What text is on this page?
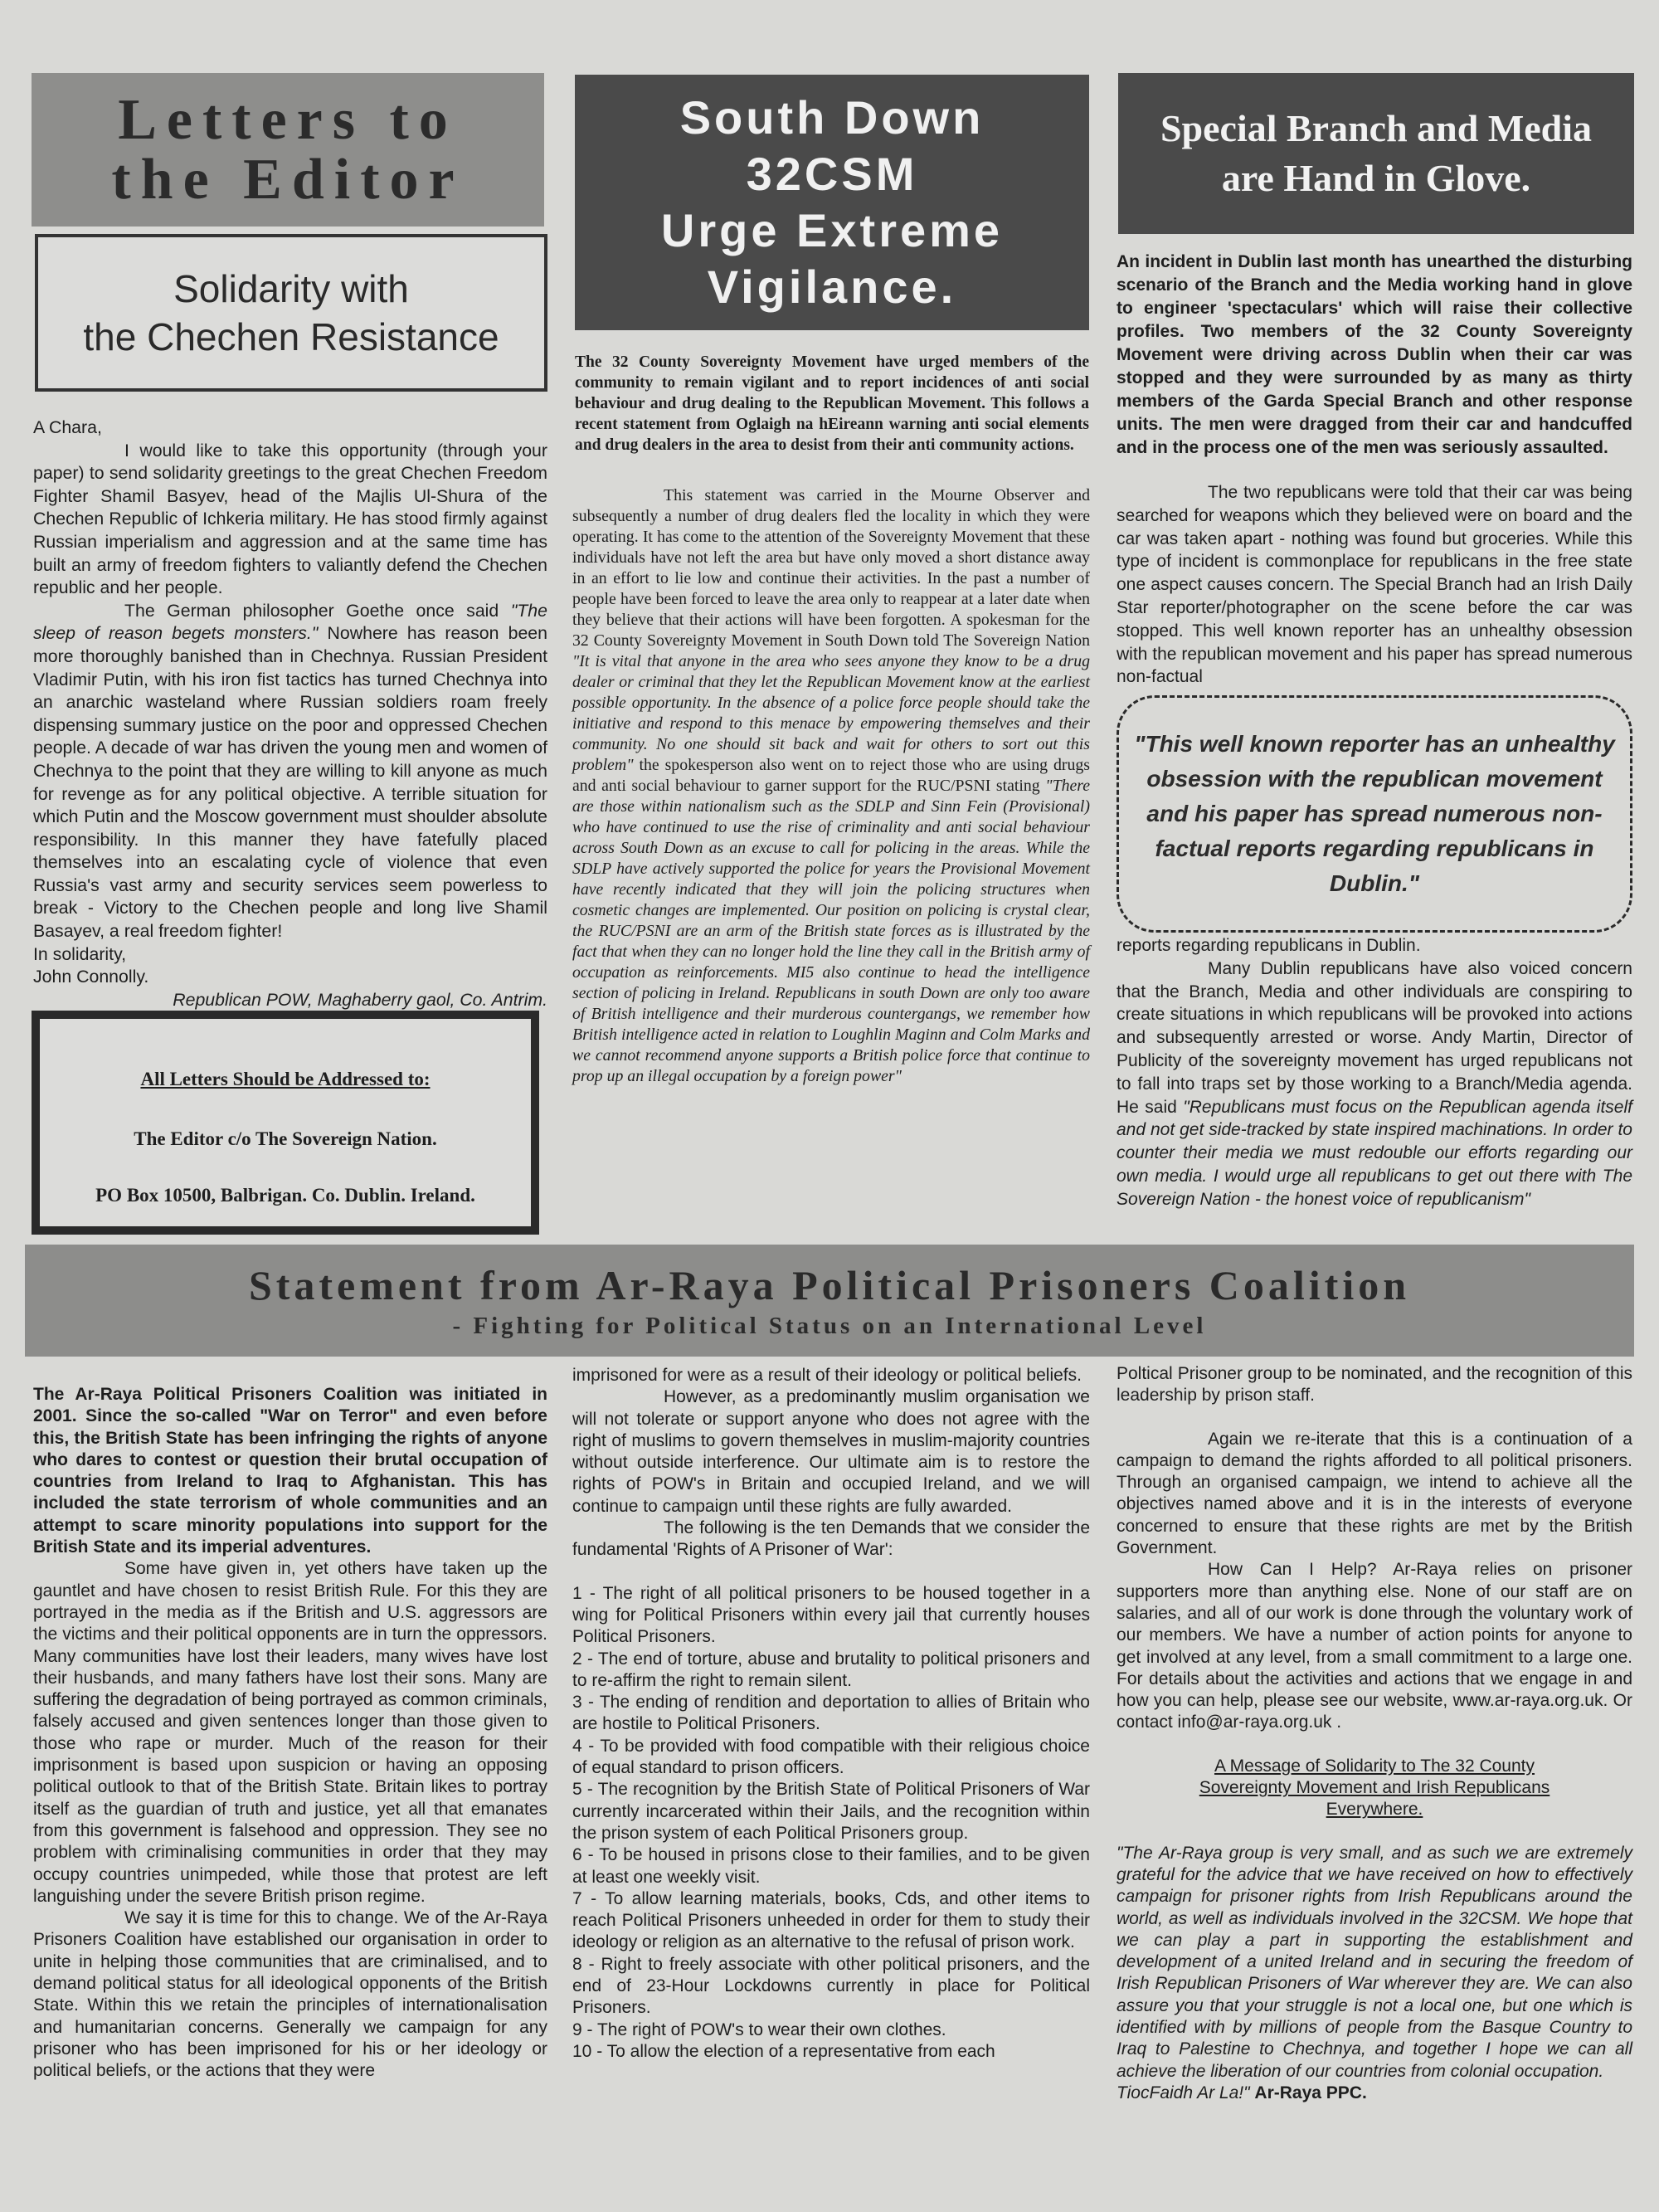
Letters to
the Editor
Solidarity with
the Chechen Resistance

A Chara,

I would like to take this opportunity (through your paper) to send solidarity greetings to the great Chechen Freedom Fighter Shamil Basyev, head of the Majlis Ul-Shura of the Chechen Republic of Ichkeria military. He has stood firmly against Russian imperialism and aggression and at the same time has built an army of freedom fighters to valiantly defend the Chechen republic and her people.

The German philosopher Goethe once said "The sleep of reason begets monsters." Nowhere has reason been more thoroughly banished than in Chechnya. Russian President Vladimir Putin, with his iron fist tactics has turned Chechnya into an anarchic wasteland where Russian soldiers roam freely dispensing summary justice on the poor and oppressed Chechen people. A decade of war has driven the young men and women of Chechnya to the point that they are willing to kill anyone as much for revenge as for any political objective. A terrible situation for which Putin and the Moscow government must shoulder absolute responsibility. In this manner they have fatefully placed themselves into an escalating cycle of violence that even Russia's vast army and security services seem powerless to break - Victory to the Chechen people and long live Shamil Basayev, a real freedom fighter!

In solidarity,

John Connolly.

Republican POW, Maghaberry gaol, Co. Antrim.

All Letters Should be Addressed to:
The Editor c/o The Sovereign Nation.
PO Box 10500, Balbrigan. Co. Dublin. Ireland.
South Down
32CSM
Urge Extreme
Vigilance.
The 32 County Sovereignty Movement have urged members of the community to remain vigilant and to report incidences of anti social behaviour and drug dealing to the Republican Movement. This follows a recent statement from Oglaigh na hEireann warning anti social elements and drug dealers in the area to desist from their anti community actions.

This statement was carried in the Mourne Observer and subsequently a number of drug dealers fled the locality in which they were operating. It has come to the attention of the Sovereignty Movement that these individuals have not left the area but have only moved a short distance away in an effort to lie low and continue their activities. In the past a number of people have been forced to leave the area only to reappear at a later date when they believe that their actions will have been forgotten. A spokesman for the 32 County Sovereignty Movement in South Down told The Sovereign Nation "It is vital that anyone in the area who sees anyone they know to be a drug dealer or criminal that they let the Republican Movement know at the earliest possible opportunity. In the absence of a police force people should take the initiative and respond to this menace by empowering themselves and their community. No one should sit back and wait for others to sort out this problem" the spokesperson also went on to reject those who are using drugs and anti social behaviour to garner support for the RUC/PSNI stating "There are those within nationalism such as the SDLP and Sinn Fein (Provisional) who have continued to use the rise of criminality and anti social behaviour across South Down as an excuse to call for policing in the areas. While the SDLP have actively supported the police for years the Provisional Movement have recently indicated that they will join the policing structures when cosmetic changes are implemented. Our position on policing is crystal clear, the RUC/PSNI are an arm of the British state forces as is illustrated by the fact that when they can no longer hold the line they call in the British army of occupation as reinforcements. MI5 also continue to head the intelligence section of policing in Ireland. Republicans in south Down are only too aware of British intelligence and their murderous countergangs, we remember how British intelligence acted in relation to Loughlin Maginn and Colm Marks and we cannot recommend anyone supports a British police force that continue to prop up an illegal occupation by a foreign power"

Special Branch and Media
are Hand in Glove.
An incident in Dublin last month has unearthed the disturbing scenario of the Branch and the Media working hand in glove to engineer 'spectaculars' which will raise their collective profiles. Two members of the 32 County Sovereignty Movement were driving across Dublin when their car was stopped and they were surrounded by as many as thirty members of the Garda Special Branch and other response units. The men were dragged from their car and handcuffed and in the process one of the men was seriously assaulted.

The two republicans were told that their car was being searched for weapons which they believed were on board and the car was taken apart - nothing was found but groceries. While this type of incident is commonplace for republicans in the free state one aspect causes concern. The Special Branch had an Irish Daily Star reporter/photographer on the scene before the car was stopped. This well known reporter has an unhealthy obsession with the republican movement and his paper has spread numerous non-factual

"This well known reporter has an unhealthy obsession with the republican movement and his paper has spread numerous non-factual reports regarding republicans in Dublin."

reports regarding republicans in Dublin.

Many Dublin republicans have also voiced concern that the Branch, Media and other individuals are conspiring to create situations in which republicans will be provoked into actions and subsequently arrested or worse. Andy Martin, Director of Publicity of the sovereignty movement has urged republicans not to fall into traps set by those working to a Branch/Media agenda. He said "Republicans must focus on the Republican agenda itself and not get side-tracked by state inspired machinations. In order to counter their media we must redouble our efforts regarding our own media. I would urge all republicans to get out there with The Sovereign Nation - the honest voice of republicanism"

Statement from Ar-Raya Political Prisoners Coalition
- Fighting for Political Status on an International Level

The Ar-Raya Political Prisoners Coalition was initiated in 2001. Since the so-called "War on Terror" and even before this, the British State has been infringing the rights of anyone who dares to contest or question their brutal occupation of countries from Ireland to Iraq to Afghanistan. This has included the state terrorism of whole communities and an attempt to scare minority populations into support for the British State and its imperial adventures.

Some have given in, yet others have taken up the gauntlet and have chosen to resist British Rule. For this they are portrayed in the media as if the British and U.S. aggressors are the victims and their political opponents are in turn the oppressors. Many communities have lost their leaders, many wives have lost their husbands, and many fathers have lost their sons. Many are suffering the degradation of being portrayed as common criminals, falsely accused and given sentences longer than those given to those who rape or murder. Much of the reason for their imprisonment is based upon suspicion or having an opposing political outlook to that of the British State. Britain likes to portray itself as the guardian of truth and justice, yet all that emanates from this government is falsehood and oppression. They see no problem with criminalising communities in order that they may occupy countries unimpeded, while those that protest are left languishing under the severe British prison regime.

We say it is time for this to change. We of the Ar-Raya Prisoners Coalition have established our organisation in order to unite in helping those communities that are criminalised, and to demand political status for all ideological opponents of the British State. Within this we retain the principles of internationalisation and humanitarian concerns. Generally we campaign for any prisoner who has been imprisoned for his or her ideology or political beliefs, or the actions that they were

imprisoned for were as a result of their ideology or political beliefs.

However, as a predominantly muslim organisation we will not tolerate or support anyone who does not agree with the right of muslims to govern themselves in muslim-majority countries without outside interference. Our ultimate aim is to restore the rights of POW's in Britain and occupied Ireland, and we will continue to campaign until these rights are fully awarded.

The following is the ten Demands that we consider the fundamental 'Rights of A Prisoner of War':

1 - The right of all political prisoners to be housed together in a wing for Political Prisoners within every jail that currently houses Political Prisoners.

2 - The end of torture, abuse and brutality to political prisoners and to re-affirm the right to remain silent.

3 - The ending of rendition and deportation to allies of Britain who are hostile to Political Prisoners.

4 - To be provided with food compatible with their religious choice of equal standard to prison officers.

5 - The recognition by the British State of Political Prisoners of War currently incarcerated within their Jails, and the recognition within the prison system of each Political Prisoners group.

6 - To be housed in prisons close to their families, and to be given at least one weekly visit.

7 - To allow learning materials, books, Cds, and other items to reach Political Prisoners unheeded in order for them to study their ideology or religion as an alternative to the refusal of prison work.

8 - Right to freely associate with other political prisoners, and the end of 23-Hour Lockdowns currently in place for Political Prisoners.

9 - The right of POW's to wear their own clothes.

10 - To allow the election of a representative from each

Poltical Prisoner group to be nominated, and the recognition of this leadership by prison staff.

Again we re-iterate that this is a continuation of a campaign to demand the rights afforded to all political prisoners. Through an organised campaign, we intend to achieve all the objectives named above and it is in the interests of everyone concerned to ensure that these rights are met by the British Government.

How Can I Help? Ar-Raya relies on prisoner supporters more than anything else. None of our staff are on salaries, and all of our work is done through the voluntary work of our members. We have a number of action points for anyone to get involved at any level, from a small commitment to a large one. For details about the activities and actions that we engage in and how you can help, please see our website, www.ar-raya.org.uk. Or contact info@ar-raya.org.uk .

A Message of Solidarity to The 32 County Sovereignty Movement and Irish Republicans Everywhere.

"The Ar-Raya group is very small, and as such we are extremely grateful for the advice that we have received on how to effectively campaign for prisoner rights from Irish Republicans around the world, as well as individuals involved in the 32CSM. We hope that we can play a part in supporting the establishment and development of a united Ireland and in securing the freedom of Irish Republican Prisoners of War wherever they are. We can also assure you that your struggle is not a local one, but one which is identified with by millions of people from the Basque Country to Iraq to Palestine to Chechnya, and together I hope we can all achieve the liberation of our countries from colonial occupation.

TiocFaidh Ar La!" Ar-Raya PPC.
